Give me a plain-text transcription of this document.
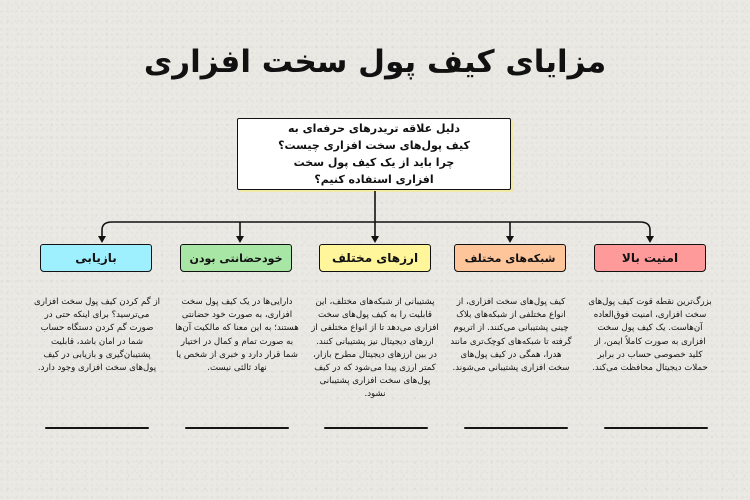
مزایای کیف پول سخت افزاری
دلیل علاقه تریدرهای حرفه‌ای به کیف پول‌های سخت افزاری چیست؟ چرا باید از یک کیف پول سخت افزاری استفاده کنیم؟
امنیت بالا
شبکه‌های مختلف
ارزهای مختلف
خودحضانتی بودن
بازیابی
بزرگ‌ترین نقطه قوت کیف پول‌های سخت افزاری، امنیت فوق‌العاده آن‌هاست. یک کیف پول سخت افزاری به صورت کاملاً ایمن، از کلید خصوصی حساب در برابر حملات دیجیتال محافظت می‌کند.
کیف پول‌های سخت افزاری، از انواع مختلفی از شبکه‌های بلاک چینی پشتیبانی می‌کنند. از اتریوم گرفته تا شبکه‌های کوچک‌تری مانند هدرا، همگی در کیف پول‌های سخت افزاری پشتیبانی می‌شوند.
پشتیبانی از شبکه‌های مختلف، این قابلیت را به کیف پول‌های سخت افزاری می‌دهد تا از انواع مختلفی از ارزهای دیجیتال نیز پشتیبانی کنند. در بین ارزهای دیجیتال مطرح بازار، کمتر ارزی پیدا می‌شود که در کیف پول‌های سخت افزاری پشتیبانی نشود.
دارایی‌ها در یک کیف پول سخت افزاری، به صورت خود حضانتی هستند؛ به این معنا که مالکیت آن‌ها به صورت تمام و کمال در اختیار شما قرار دارد و خبری از شخص یا نهاد ثالثی نیست.
از گم کردن کیف پول سخت افزاری می‌ترسید؟ برای اینکه حتی در صورت گم کردن دستگاه حساب شما در امان باشد، قابلیت پشتیبان‌گیری و بازیابی در کیف پول‌های سخت افزاری وجود دارد.
